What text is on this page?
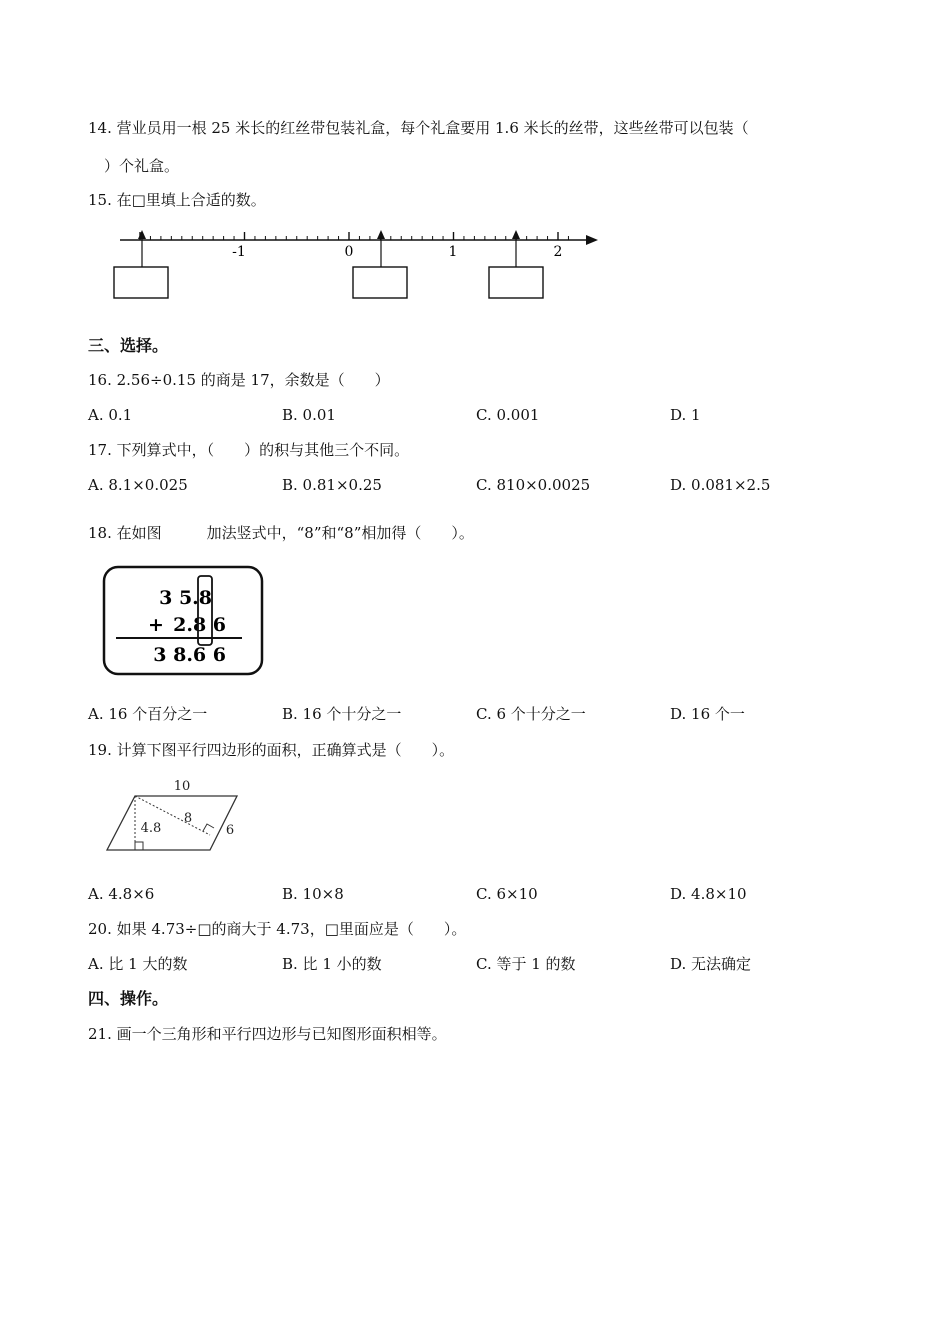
14. 营业员用一根 25 米长的红丝带包装礼盒，每个礼盒要用 1.6 米长的丝带，这些丝带可以包装（
）个礼盒。
15. 在□里填上合适的数。
-1	0	1	2
三、选择。
16. 2.56÷0.15 的商是 17，余数是（　　）
A. 0.1	B. 0.01	C. 0.001	D. 1
17. 下列算式中，（　　）的积与其他三个不同。
A. 8.1×0.025	B. 0.81×0.25	C. 810×0.0025	D. 0.081×2.5
18. 在如图　　　加法竖式中，“8”和“8”相加得（　　）。
3 5.8
+ 2.8 6
3 8.6 6
A. 16 个百分之一	B. 16 个十分之一	C. 6 个十分之一	D. 16 个一
19. 计算下图平行四边形的面积，正确算式是（　　）。
10
8
4.8	6
A. 4.8×6	B. 10×8	C. 6×10	D. 4.8×10
20. 如果 4.73÷□的商大于 4.73，□里面应是（　　）。
A. 比 1 大的数	B. 比 1 小的数	C. 等于 1 的数	D. 无法确定
四、操作。
21. 画一个三角形和平行四边形与已知图形面积相等。
